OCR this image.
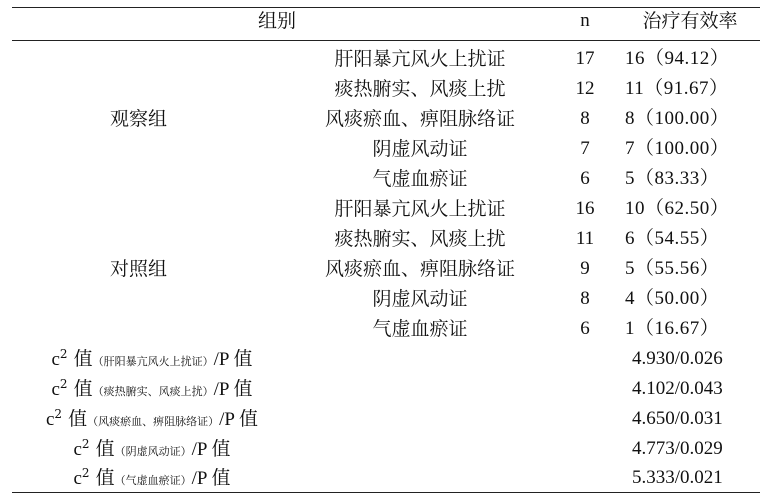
组别	n	治疗有效率
观察组
肝阳暴亢风火上扰证	17	16（94.12）
痰热腑实、风痰上扰	12	11（91.67）
风痰瘀血、痹阻脉络证	8	8（100.00）
阴虚风动证	7	7（100.00）
气虚血瘀证	6	5（83.33）
对照组
肝阳暴亢风火上扰证	16	10（62.50）
痰热腑实、风痰上扰	11	6（54.55）
风痰瘀血、痹阻脉络证	9	5（55.56）
阴虚风动证	8	4（50.00）
气虚血瘀证	6	1（16.67）
$c^2$ 值（肝阳暴亢风火上扰证）/P 值	4.930/0.026
$c^2$ 值（痰热腑实、风痰上扰）/P 值	4.102/0.043
$c^2$ 值（风痰瘀血、痹阻脉络证）/P 值	4.650/0.031
$c^2$ 值（阴虚风动证）/P 值	4.773/0.029
$c^2$ 值（气虚血瘀证）/P 值	5.333/0.021
